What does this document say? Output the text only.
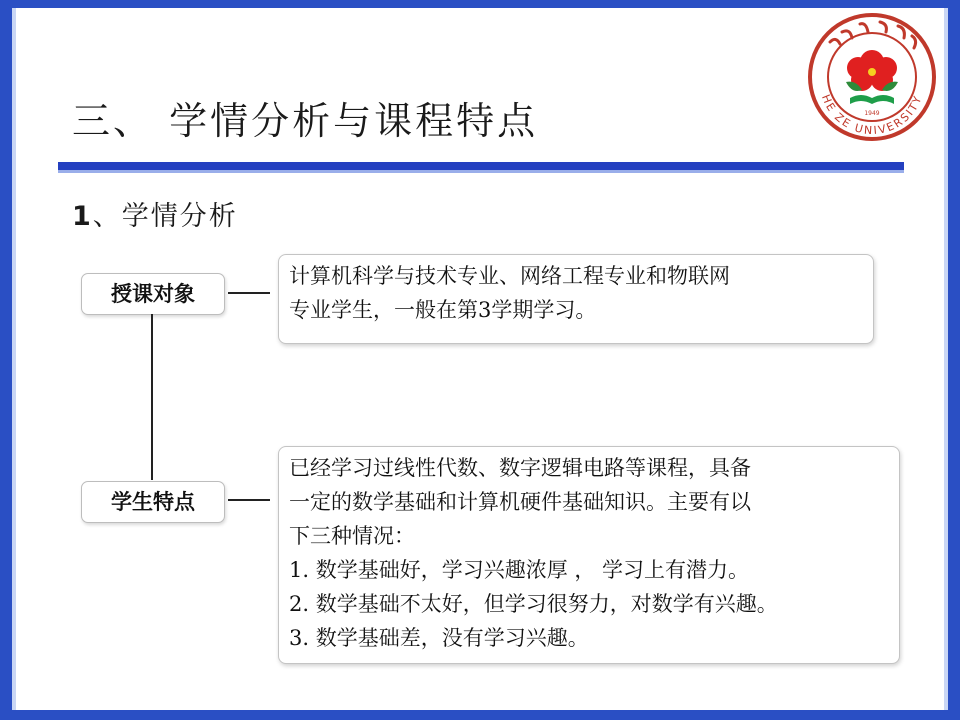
三、 学情分析与课程特点
1、学情分析
1949
HE ZE UNIVERSITY
授课对象
学生特点
计算机科学与技术专业、网络工程专业和物联网
专业学生，一般在第3学期学习。
已经学习过线性代数、数字逻辑电路等课程，具备
一定的数学基础和计算机硬件基础知识。主要有以
下三种情况：
1. 数学基础好，学习兴趣浓厚 ， 学习上有潜力。
2. 数学基础不太好，但学习很努力，对数学有兴趣。
3. 数学基础差，没有学习兴趣。
